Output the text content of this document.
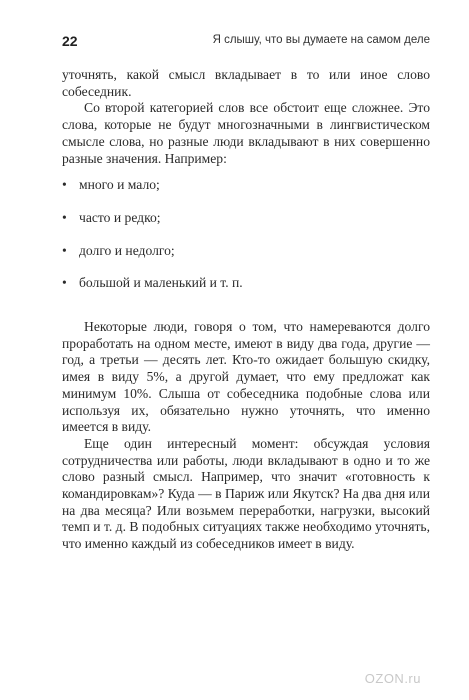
22	Я слышу, что вы думаете на самом деле

уточнять, какой смысл вкладывает в то или иное слово собеседник.

Со второй категорией слов все обстоит еще сложнее. Это слова, которые не будут многозначными в лингвистическом смысле слова, но разные люди вкладывают в них совершенно разные значения. Например:

• много и мало;
• часто и редко;
• долго и недолго;
• большой и маленький и т. п.

Некоторые люди, говоря о том, что намереваются долго проработать на одном месте, имеют в виду два года, другие — год, а третьи — десять лет. Кто-то ожидает большую скидку, имея в виду 5%, а другой думает, что ему предложат как минимум 10%. Слыша от собеседника подобные слова или используя их, обязательно нужно уточнять, что именно имеется в виду.

Еще один интересный момент: обсуждая условия сотрудничества или работы, люди вкладывают в одно и то же слово разный смысл. Например, что значит «готовность к командировкам»? Куда — в Париж или Якутск? На два дня или на два месяца? Или возьмем переработки, нагрузки, высокий темп и т. д. В подобных ситуациях также необходимо уточнять, что именно каждый из собеседников имеет в виду.

OZON.ru
